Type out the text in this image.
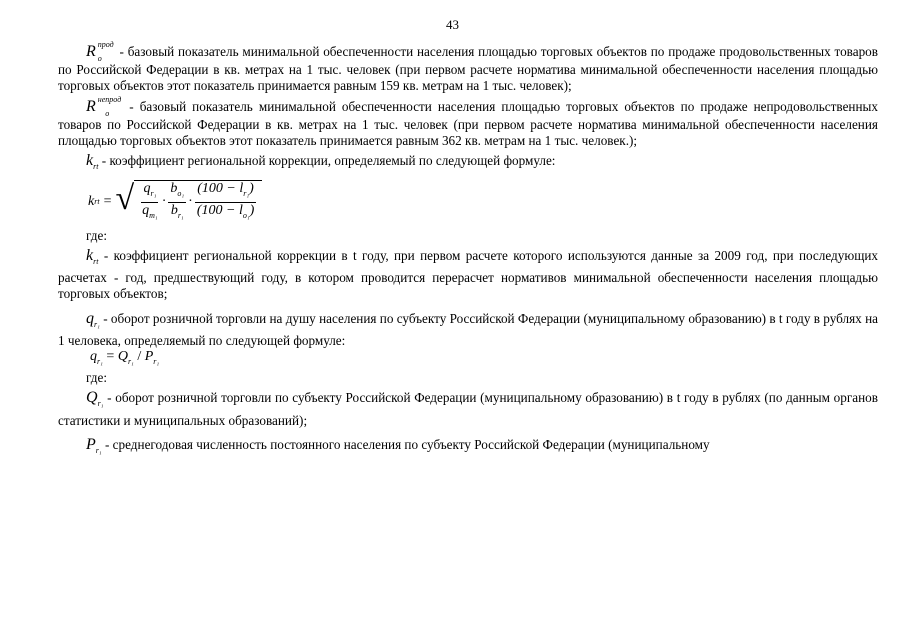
43

R $^{прод}_o$ - базовый показатель минимальной обеспеченности населения площадью торговых объектов по продаже продовольственных товаров по Российской Федерации в кв. метрах на 1 тыс. человек (при первом расчете норматива минимальной обеспеченности населения площадью торговых объектов этот показатель принимается равным 159 кв. метрам на 1 тыс. человек);

R $^{непрод}_o$ - базовый показатель минимальной обеспеченности населения площадью торговых объектов по продаже непродовольственных товаров по Российской Федерации в кв. метрах на 1 тыс. человек (при первом расчете норматива минимальной обеспеченности населения площадью торговых объектов этот показатель принимается равным 362 кв. метрам на 1 тыс. человек.);

$k_{rt}$ - коэффициент региональной коррекции, определяемый по следующей формуле:

k rt = √ $\frac{q_{r_1}}{q_{m_1}} \cdot \frac{b_{o_1}}{b_{r_1}} \cdot \frac{(100 - l_{r_1})}{(100 - l_{o_1})}$

где:

$k_{rt}$ - коэффициент региональной коррекции в t году, при первом расчете которого используются данные за 2009 год, при последующих расчетах - год, предшествующий году, в котором проводится перерасчет нормативов минимальной обеспеченности населения площадью торговых объектов;

$q_{r_1}$ - оборот розничной торговли на душу населения по субъекту Российской Федерации (муниципальному образованию) в t году в рублях на 1 человека, определяемый по следующей формуле:

$q_{r_1} = Q_{r_1} / P_{r_1}$

где:

$Q_{r_1}$ - оборот розничной торговли по субъекту Российской Федерации (муниципальному образованию) в t году в рублях (по данным органов статистики и муниципальных образований);

$P_{r_1}$ - среднегодовая численность постоянного населения по субъекту Российской Федерации (муниципальному
